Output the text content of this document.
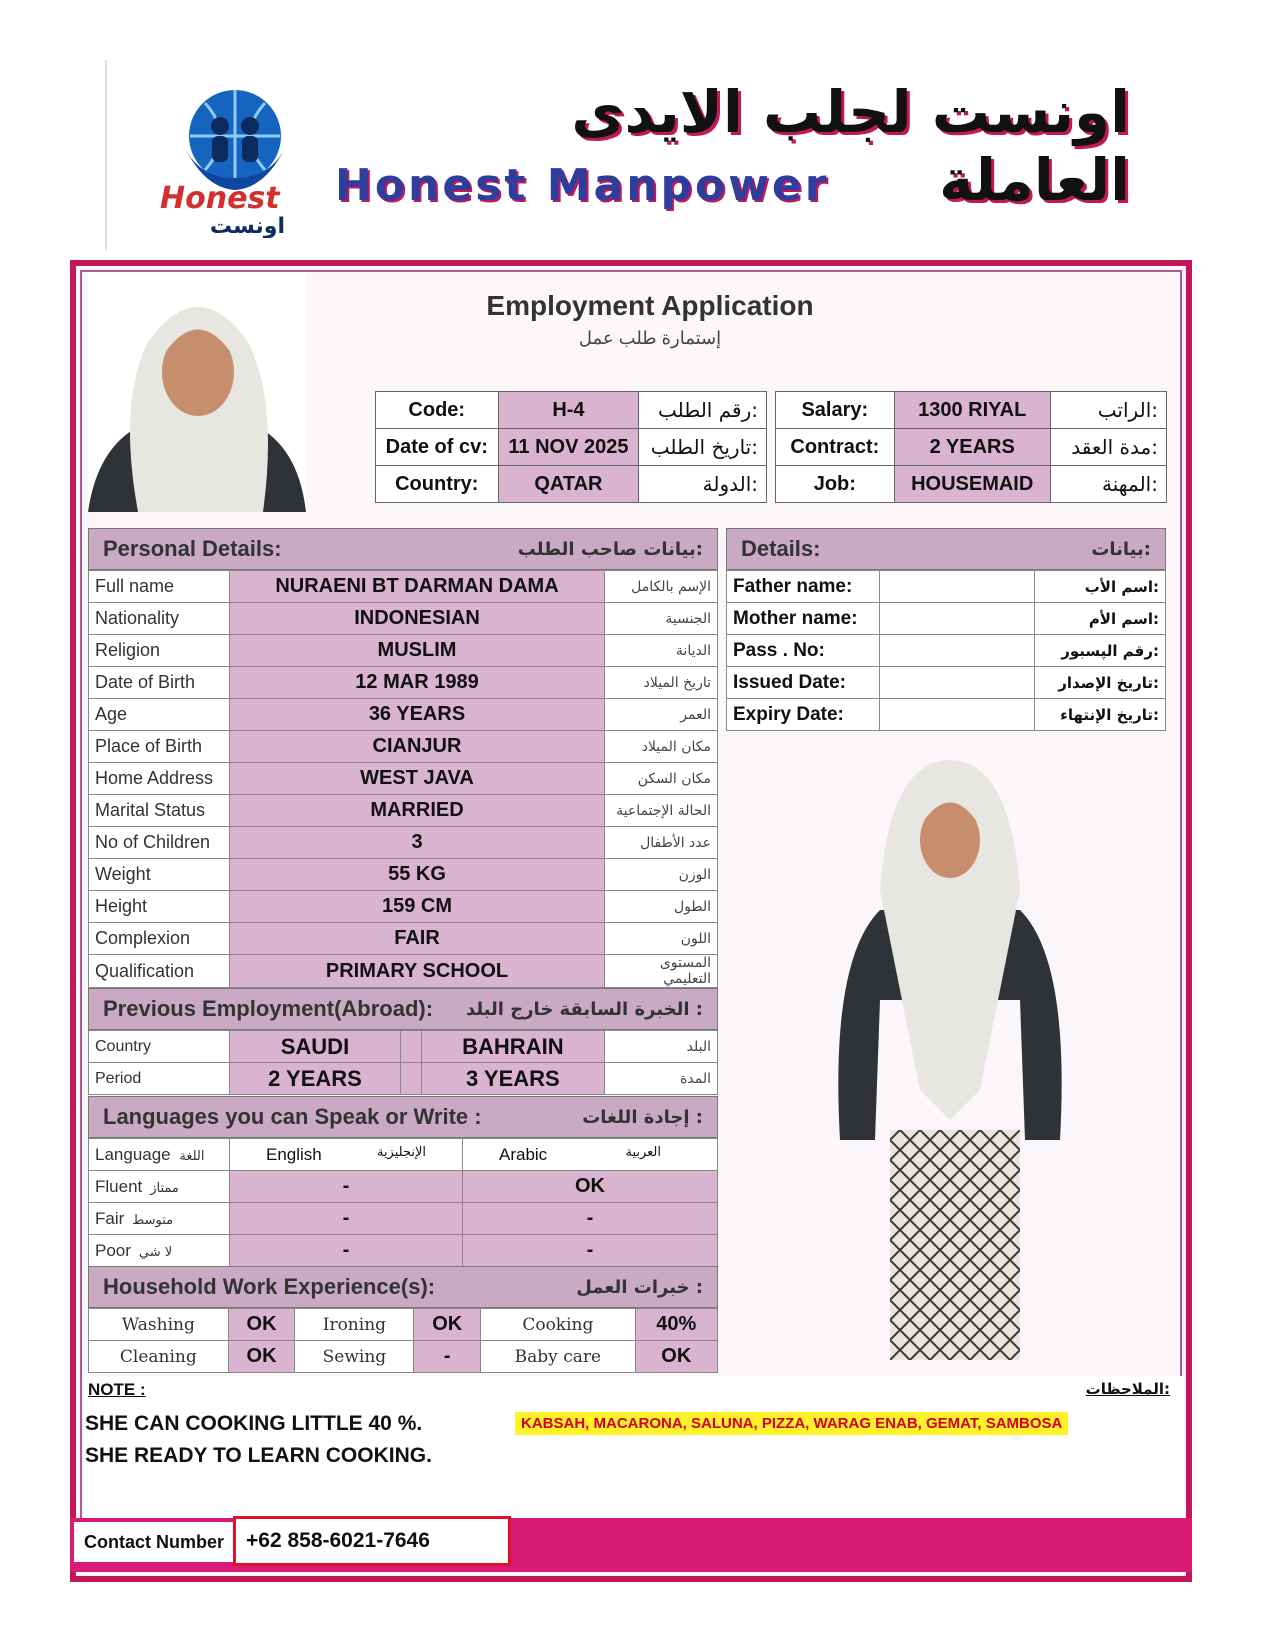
Honest
اونست
اونست لجلب الايدى العاملة
Honest Manpower
Employment Application
إستمارة طلب عمل
Code:	H-4	رقم الطلب:
Date of cv:	11 NOV 2025	تاريخ الطلب:
Country:	QATAR	الدولة:
Salary:	1300 RIYAL	الراتب:
Contract:	2 YEARS	مدة العقد:
Job:	HOUSEMAID	المهنة:
Personal Details:	بيانات صاحب الطلب:
Full name	NURAENI BT DARMAN DAMA	الإسم بالكامل
Nationality	INDONESIAN	الجنسية
Religion	MUSLIM	الديانة
Date of Birth	12 MAR 1989	تاريخ الميلاد
Age	36 YEARS	العمر
Place of Birth	CIANJUR	مكان الميلاد
Home Address	WEST JAVA	مكان السكن
Marital Status	MARRIED	الحالة الإجتماعية
No of Children	3	عدد الأطفال
Weight	55 KG	الوزن
Height	159 CM	الطول
Complexion	FAIR	اللون
Qualification	PRIMARY SCHOOL	المستوى التعليمي
Details:	بيانات:
Father name:		اسم الأب:
Mother name:		اسم الأم:
Pass . No:		رقم الپسبور:
Issued Date:		تاريخ الإصدار:
Expiry Date:		تاريخ الإنتهاء:
Previous Employment(Abroad): الخبرة السابقة خارج البلد :
Country	SAUDI		BAHRAIN	البلد
Period	2 YEARS		3 YEARS	المدة
Languages you can Speak or Write :	إجادة اللغات :
Language اللغة	English الإنجليزية	Arabic العربية

Fluent ممتاز	-	OK
Fair متوسط	-	-
Poor لا شي	-	-
Household Work Experience(s):	خبرات العمل :
Washing	OK	Ironing	OK	Cooking	40%
Cleaning	OK	Sewing	-	Baby care	OK
NOTE :	الملاحظات:
SHE CAN COOKING LITTLE 40 %.	KABSAH, MACARONA, SALUNA, PIZZA, WARAG ENAB, GEMAT, SAMBOSA
SHE READY TO LEARN COOKING.
Contact Number	+62 858-6021-7646
